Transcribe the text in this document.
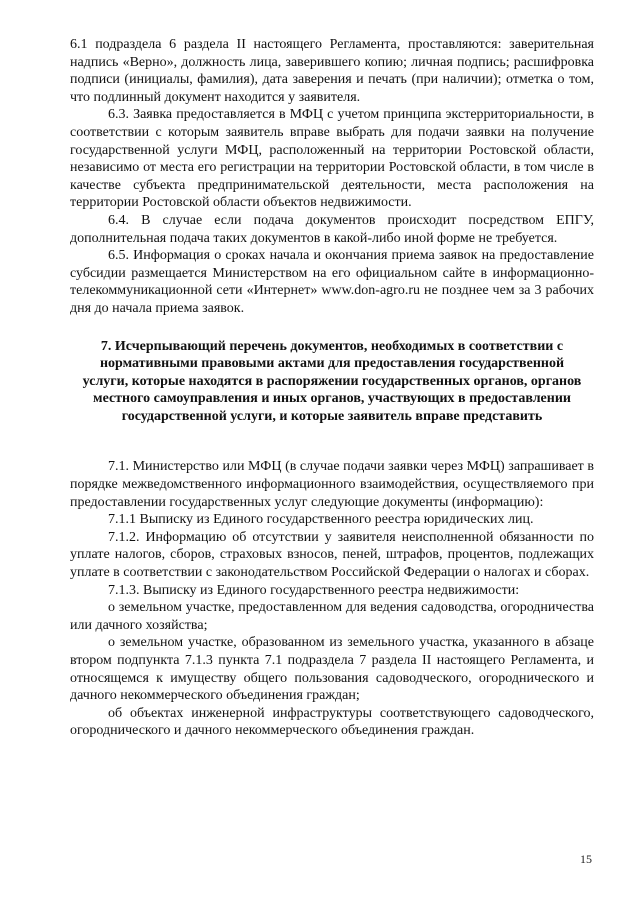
6.1 подраздела 6 раздела II настоящего Регламента, проставляются: заверительная надпись «Верно», должность лица, заверившего копию; личная подпись; расшифровка подписи (инициалы, фамилия), дата заверения и печать (при наличии); отметка о том, что подлинный документ находится у заявителя.

6.3. Заявка предоставляется в МФЦ с учетом принципа экстерриториальности, в соответствии с которым заявитель вправе выбрать для подачи заявки на получение государственной услуги МФЦ, расположенный на территории Ростовской области, независимо от места его регистрации на территории Ростовской области, в том числе в качестве субъекта предпринимательской деятельности, места расположения на территории Ростовской области объектов недвижимости.

6.4. В случае если подача документов происходит посредством ЕПГУ, дополнительная подача таких документов в какой-либо иной форме не требуется.

6.5. Информация о сроках начала и окончания приема заявок на предоставление субсидии размещается Министерством на его официальном сайте в информационно-телекоммуникационной сети «Интернет» www.don-agro.ru не позднее чем за 3 рабочих дня до начала приема заявок.

7. Исчерпывающий перечень документов, необходимых в соответствии с нормативными правовыми актами для предоставления государственной услуги, которые находятся в распоряжении государственных органов, органов местного самоуправления и иных органов, участвующих в предоставлении государственной услуги, и которые заявитель вправе представить

7.1. Министерство или МФЦ (в случае подачи заявки через МФЦ) запрашивает в порядке межведомственного информационного взаимодействия, осуществляемого при предоставлении государственных услуг следующие документы (информацию):

7.1.1 Выписку из Единого государственного реестра юридических лиц.

7.1.2. Информацию об отсутствии у заявителя неисполненной обязанности по уплате налогов, сборов, страховых взносов, пеней, штрафов, процентов, подлежащих уплате в соответствии с законодательством Российской Федерации о налогах и сборах.

7.1.3. Выписку из Единого государственного реестра недвижимости:

о земельном участке, предоставленном для ведения садоводства, огородничества или дачного хозяйства;

о земельном участке, образованном из земельного участка, указанного в абзаце втором подпункта 7.1.3 пункта 7.1 подраздела 7 раздела II настоящего Регламента, и относящемся к имуществу общего пользования садоводческого, огороднического и дачного некоммерческого объединения граждан;

об объектах инженерной инфраструктуры соответствующего садоводческого, огороднического и дачного некоммерческого объединения граждан.

15
